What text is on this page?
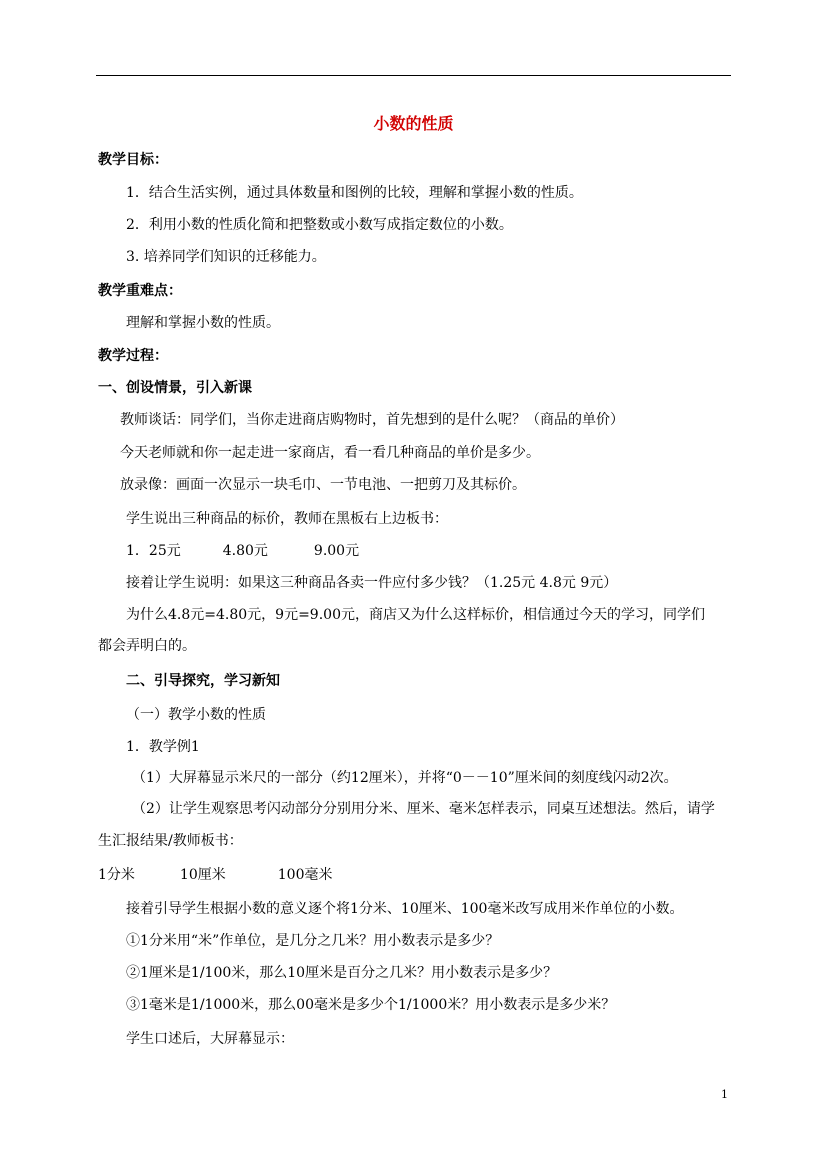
小数的性质
教学目标：
1．结合生活实例，通过具体数量和图例的比较，理解和掌握小数的性质。
2．利用小数的性质化简和把整数或小数写成指定数位的小数。
3. 培养同学们知识的迁移能力。
教学重难点：
理解和掌握小数的性质。
教学过程：
一、创设情景，引入新课
教师谈话：同学们，当你走进商店购物时，首先想到的是什么呢？（商品的单价）
今天老师就和你一起走进一家商店，看一看几种商品的单价是多少。
放录像：画面一次显示一块毛巾、一节电池、一把剪刀及其标价。
学生说出三种商品的标价，教师在黑板右上边板书：
1．25元	4.80元	9.00元
接着让学生说明：如果这三种商品各卖一件应付多少钱？（1.25元 4.8元 9元）
为什么4.8元=4.80元，9元=9.00元，商店又为什么这样标价，相信通过今天的学习，同学们
都会弄明白的。
二、引导探究，学习新知
（一）教学小数的性质
1．教学例1
（1）大屏幕显示米尺的一部分（约12厘米），并将“0－－10”厘米间的刻度线闪动2次。
（2）让学生观察思考闪动部分分别用分米、厘米、毫米怎样表示，同桌互述想法。然后，请学
生汇报结果/教师板书：
1分米	10厘米	100毫米
接着引导学生根据小数的意义逐个将1分米、10厘米、100毫米改写成用米作单位的小数。
①1分米用“米”作单位，是几分之几米？用小数表示是多少？
②1厘米是1/100米，那么10厘米是百分之几米？用小数表示是多少？
③1毫米是1/1000米，那么00毫米是多少个1/1000米？用小数表示是多少米？
学生口述后，大屏幕显示：
1
